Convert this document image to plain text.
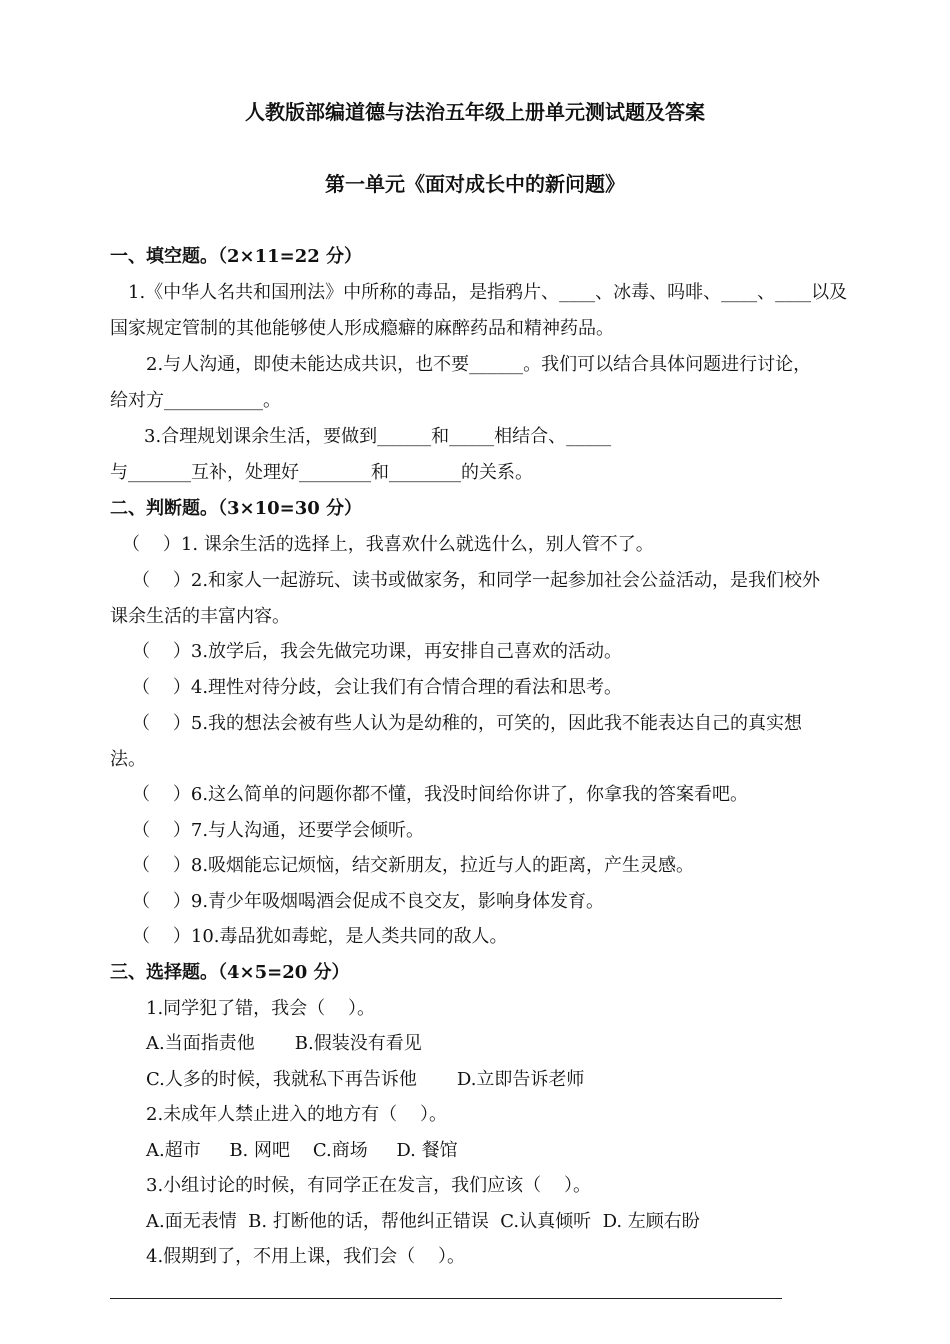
人教版部编道德与法治五年级上册单元测试题及答案
第一单元《面对成长中的新问题》
一、填空题。（2×11=22 分）
1.《中华人名共和国刑法》中所称的毒品，是指鸦片、____、冰毒、吗啡、____、____以及
国家规定管制的其他能够使人形成瘾癖的麻醉药品和精神药品。
2.与人沟通，即使未能达成共识，也不要______。我们可以结合具体问题进行讨论，
给对方___________。
3.合理规划课余生活，要做到______和_____相结合、_____
与_______互补，处理好________和________的关系。
二、判断题。（3×10=30 分）
（    ）1. 课余生活的选择上，我喜欢什么就选什么，别人管不了。
（    ）2.和家人一起游玩、读书或做家务，和同学一起参加社会公益活动，是我们校外
课余生活的丰富内容。
（    ）3.放学后，我会先做完功课，再安排自己喜欢的活动。
（    ）4.理性对待分歧，会让我们有合情合理的看法和思考。
（    ）5.我的想法会被有些人认为是幼稚的，可笑的，因此我不能表达自己的真实想
法。
（    ）6.这么简单的问题你都不懂，我没时间给你讲了，你拿我的答案看吧。
（    ）7.与人沟通，还要学会倾听。
（    ）8.吸烟能忘记烦恼，结交新朋友，拉近与人的距离，产生灵感。
（    ）9.青少年吸烟喝酒会促成不良交友，影响身体发育。
（    ）10.毒品犹如毒蛇，是人类共同的敌人。
三、选择题。（4×5=20 分）
1.同学犯了错，我会（    ）。
A.当面指责他       B.假装没有看见
C.人多的时候，我就私下再告诉他       D.立即告诉老师
2.未成年人禁止进入的地方有（    ）。
A.超市     B. 网吧    C.商场     D. 餐馆
3.小组讨论的时候，有同学正在发言，我们应该（    ）。
A.面无表情  B. 打断他的话，帮他纠正错误  C.认真倾听  D. 左顾右盼
4.假期到了，不用上课，我们会（    ）。
